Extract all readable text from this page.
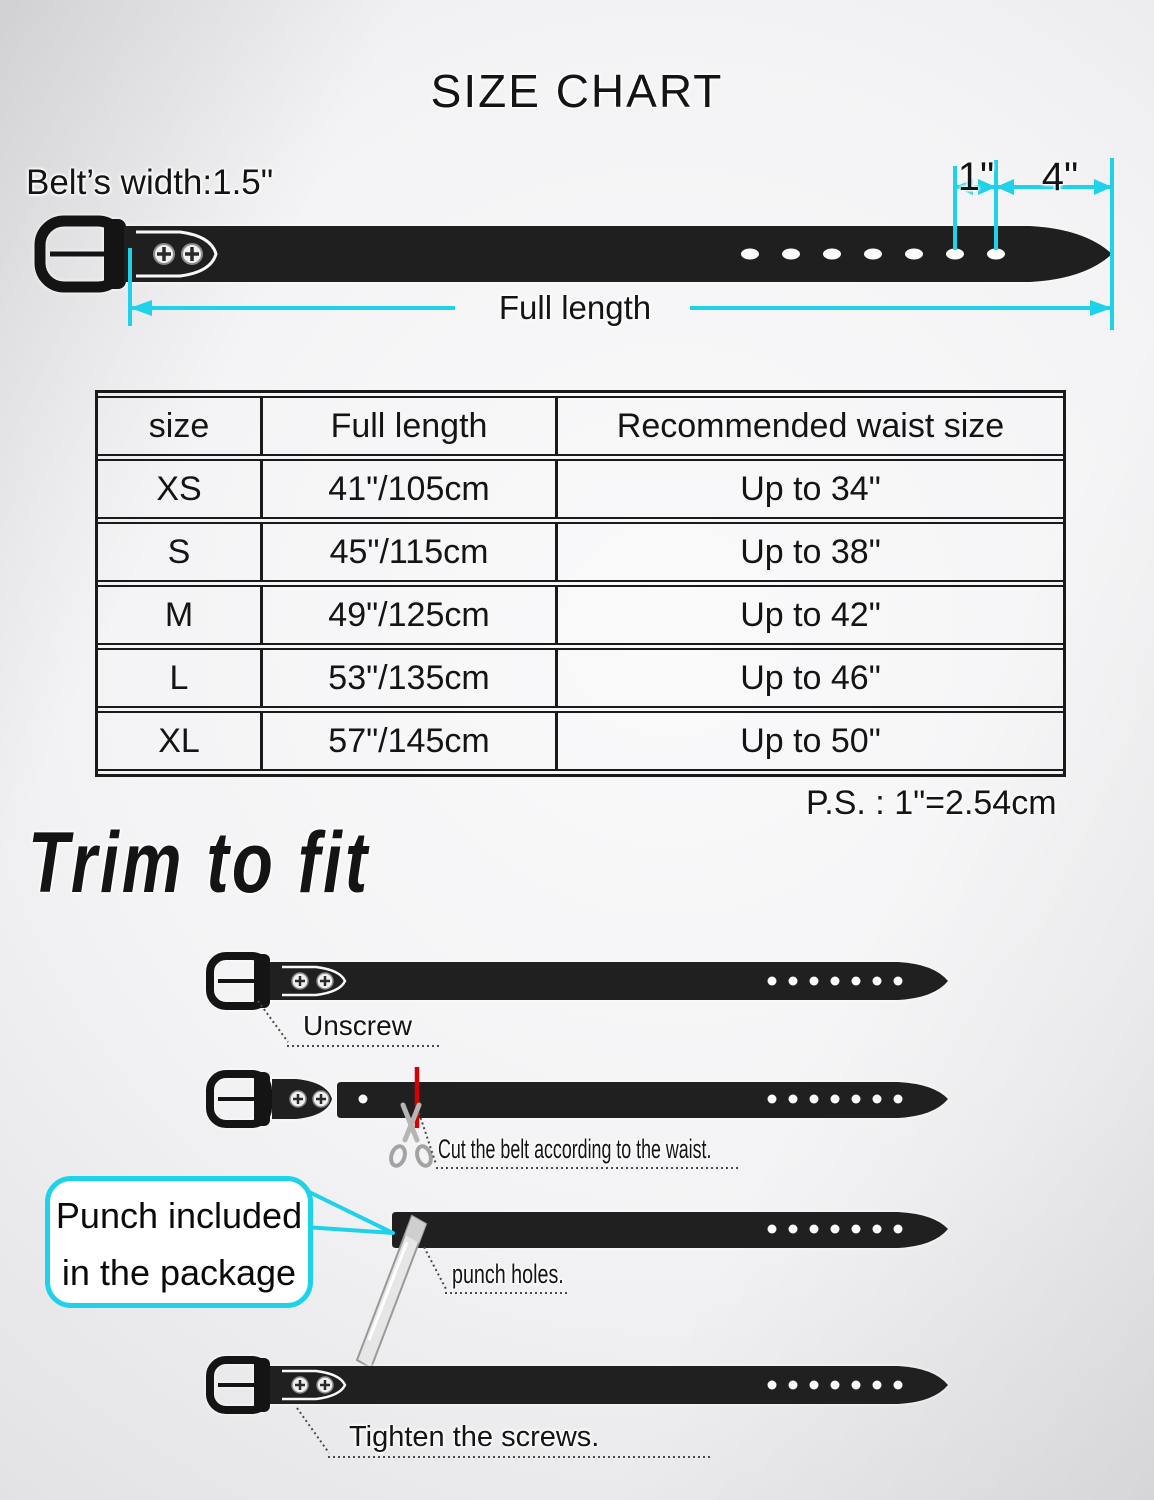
SIZE CHART
Belt’s width:1.5"	1"	4"
Full length
size	Full length	Recommended waist size
XS	41"/105cm	Up to 34"
S	45"/115cm	Up to 38"
M	49"/125cm	Up to 42"
L	53"/135cm	Up to 46"
XL	57"/145cm	Up to 50"
P.S. : 1"=2.54cm
Trim to fit
Unscrew
Cut the belt according to the waist.
punch holes.
Tighten the screws.
Punch included
in the package
